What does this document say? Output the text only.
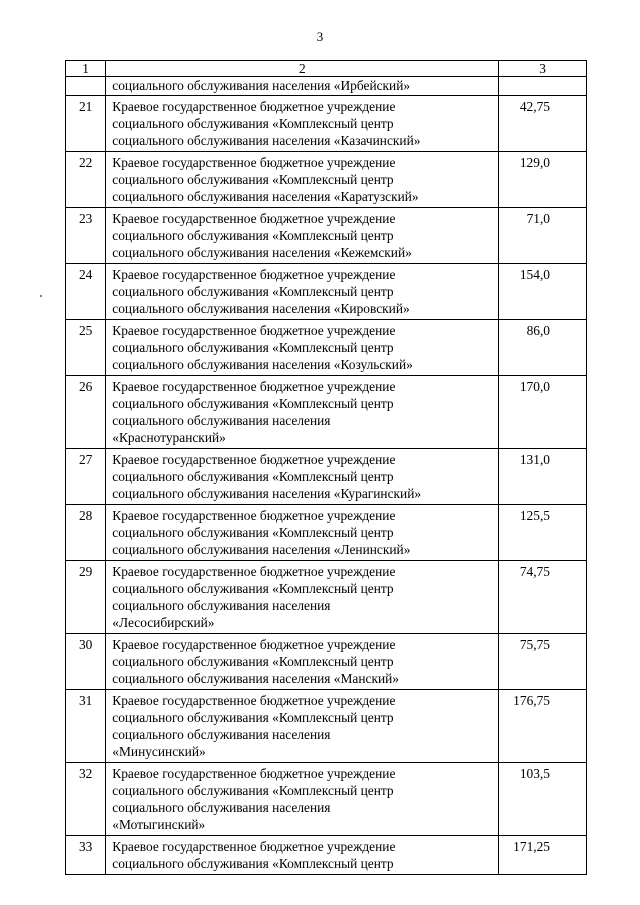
3
1	2	3

	социального обслуживания населения «Ирбейский»	

21	Краевое государственное бюджетное учреждение
социального обслуживания «Комплексный центр
социального обслуживания населения «Казачинский»	42,75
22	Краевое государственное бюджетное учреждение
социального обслуживания «Комплексный центр
социального обслуживания населения «Каратузский»	129,0
23	Краевое государственное бюджетное учреждение
социального обслуживания «Комплексный центр
социального обслуживания населения «Кежемский»	71,0
24	Краевое государственное бюджетное учреждение
социального обслуживания «Комплексный центр
социального обслуживания населения «Кировский»	154,0
25	Краевое государственное бюджетное учреждение
социального обслуживания «Комплексный центр
социального обслуживания населения «Козульский»	86,0
26	Краевое государственное бюджетное учреждение
социального обслуживания «Комплексный центр
социального обслуживания населения
«Краснотуранский»	170,0
27	Краевое государственное бюджетное учреждение
социального обслуживания «Комплексный центр
социального обслуживания населения «Курагинский»	131,0
28	Краевое государственное бюджетное учреждение
социального обслуживания «Комплексный центр
социального обслуживания населения «Ленинский»	125,5
29	Краевое государственное бюджетное учреждение
социального обслуживания «Комплексный центр
социального обслуживания населения
«Лесосибирский»	74,75
30	Краевое государственное бюджетное учреждение
социального обслуживания «Комплексный центр
социального обслуживания населения «Манский»	75,75
31	Краевое государственное бюджетное учреждение
социального обслуживания «Комплексный центр
социального обслуживания населения
«Минусинский»	176,75
32	Краевое государственное бюджетное учреждение
социального обслуживания «Комплексный центр
социального обслуживания населения
«Мотыгинский»	103,5
33	Краевое государственное бюджетное учреждение
социального обслуживания «Комплексный центр	171,25
